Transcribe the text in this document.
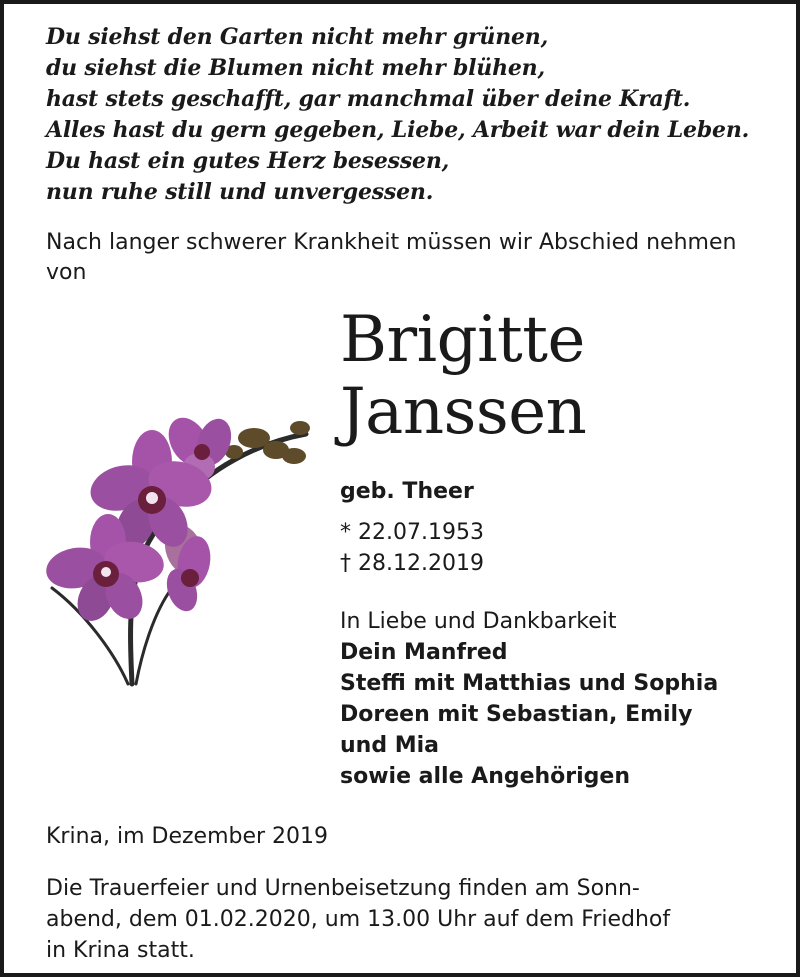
Du siehst den Garten nicht mehr grünen,
du siehst die Blumen nicht mehr blühen,
hast stets geschafft, gar manchmal über deine Kraft.
Alles hast du gern gegeben, Liebe, Arbeit war dein Leben.
Du hast ein gutes Herz besessen,
nun ruhe still und unvergessen.
Nach langer schwerer Krankheit müssen wir Abschied nehmen von
Brigitte
Janssen
geb. Theer
* 22.07.1953
† 28.12.2019
In Liebe und Dankbarkeit
Dein Manfred
Steffi mit Matthias und Sophia
Doreen mit Sebastian, Emily
und Mia
sowie alle Angehörigen
Krina, im Dezember 2019
Die Trauerfeier und Urnenbeisetzung finden am Sonn-
abend, dem 01.02.2020, um 13.00 Uhr auf dem Friedhof
in Krina statt.
